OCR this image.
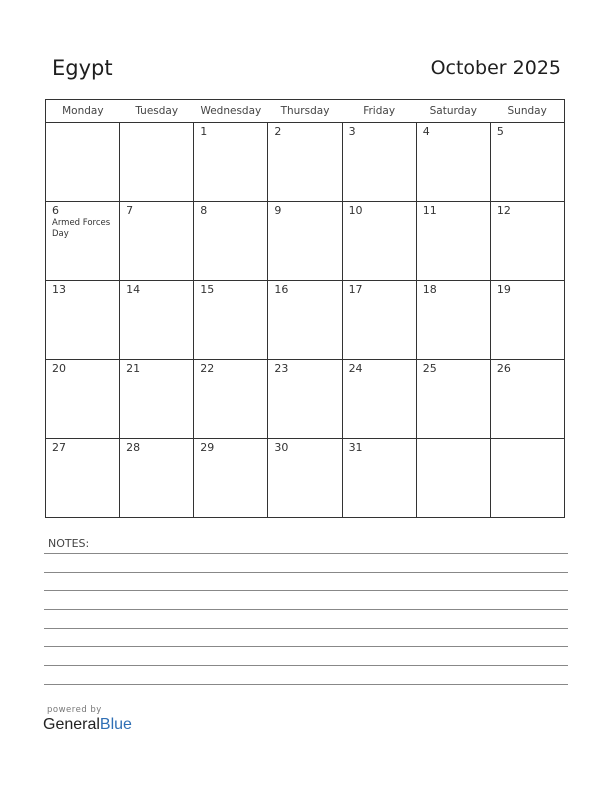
Egypt	October 2025
Monday	Tuesday	Wednesday	Thursday	Friday	Saturday	Sunday

		1	2	3	4	5

6
Armed Forces Day	7	8	9	10	11	12

13	14	15	16	17	18	19

20	21	22	23	24	25	26

27	28	29	30	31		

NOTES:
powered by
GeneralBlue
